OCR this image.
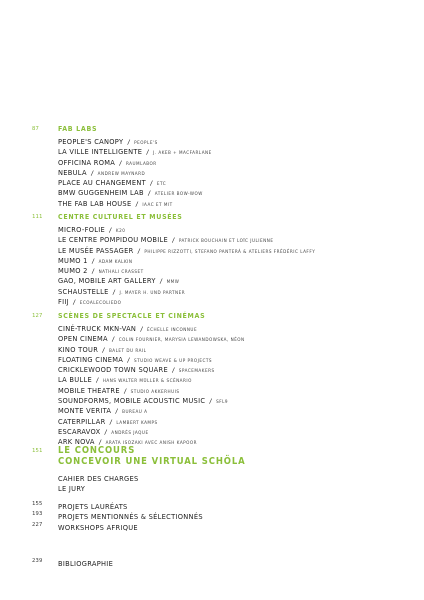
87	FAB LABS
PEOPLE'S CANOPY / PEOPLE'S
LA VILLE INTELLIGENTE / J. AKEB + MACFARLANE
OFFICINA ROMA / RAUMLABOR
NEBULA / ANDREW MAYNARD
PLACE AU CHANGEMENT / ETC
BMW GUGGENHEIM LAB / ATELIER BOW-WOW
THE FAB LAB HOUSE / IAAC ET MIT
111	CENTRE CULTUREL ET MUSÉES
MICRO-FOLIE / K20
LE CENTRE POMPIDOU MOBILE / PATRICK BOUCHAIN ET LOÏC JULIENNE
LE MUSÉE PASSAGER / PHILIPPE RIZZOTTI, STEFANO PANTERÀ & ATELIERS FRÉDÉRIC LAFFY
MUMO 1 / ADAM KALKIN
MUMO 2 / NATHALI CRASSET
GAO, MOBILE ART GALLERY / MMW
SCHAUSTELLE / J. MAYER H. UND PARTNER
FIIJ / ECOALECOLIEDO
127	SCÈNES DE SPECTACLE ET CINÉMAS
CINÉ-TRUCK MKN-VAN / ÉCHELLE INCONNUE
OPEN CINEMA / COLIN FOURNIER, MARYSIA LEWANDOWSKA, NÉON
KINO TOUR / BALET DU RAIL
FLOATING CINEMA / STUDIO WEAVE & UP PROJECTS
CRICKLEWOOD TOWN SQUARE / SPACEMAKERS
LA BULLE / HANS WALTER MÜLLER & SCÉNARIO
MOBILE THEATRE / STUDIO AKKERHUIS
SOUNDFORMS, MOBILE ACOUSTIC MUSIC / SFL9
MONTE VERITA / BUREAU A
CATERPILLAR / LAMBERT KAMPS
ESCARAVOX / ANDRÉS JAQUE
ARK NOVA / ARATA ISOZAKI AVEC ANISH KAPOOR
151	LE CONCOURS
CONCEVOIR UNE VIRTUAL SCHÖLA
CAHIER DES CHARGES
LE JURY
155	PROJETS LAURÉATS
193	PROJETS MENTIONNÉS & SÉLECTIONNÉS
227	WORKSHOPS AFRIQUE
239	BIBLIOGRAPHIE
